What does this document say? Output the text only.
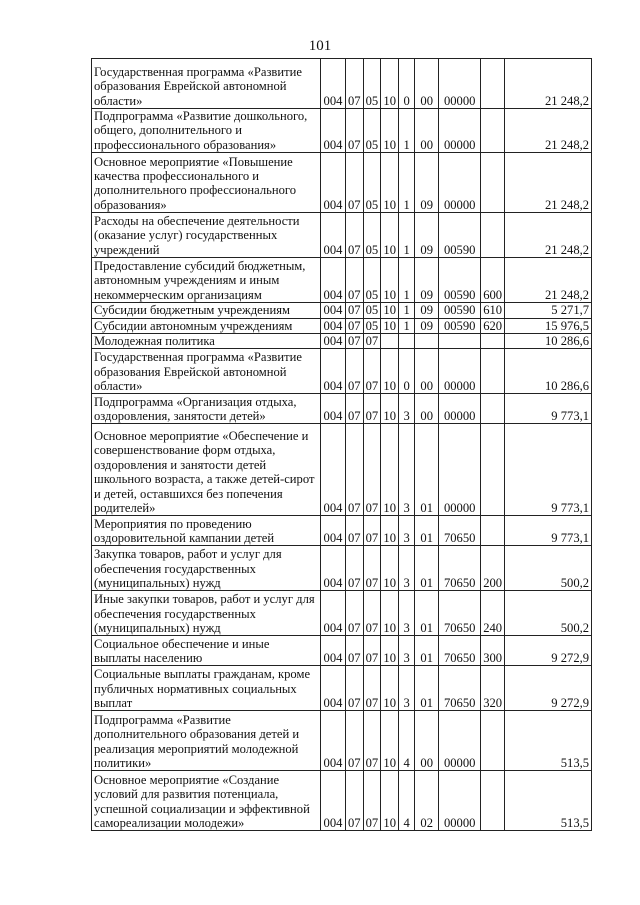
101
Государственная программа «Развитие образования Еврейской автономной области»	004	07	05	10	0	00	00000		21 248,2
Подпрограмма «Развитие дошкольного, общего, дополнительного и профессионального образования»	004	07	05	10	1	00	00000		21 248,2
Основное мероприятие «Повышение качества профессионального и дополнительного профессионального образования»	004	07	05	10	1	09	00000		21 248,2
Расходы на обеспечение деятельности (оказание услуг) государственных учреждений	004	07	05	10	1	09	00590		21 248,2
Предоставление субсидий бюджетным, автономным учреждениям и иным некоммерческим организациям	004	07	05	10	1	09	00590	600	21 248,2
Субсидии бюджетным учреждениям	004	07	05	10	1	09	00590	610	5 271,7
Субсидии автономным учреждениям	004	07	05	10	1	09	00590	620	15 976,5
Молодежная политика	004	07	07						10 286,6
Государственная программа «Развитие образования Еврейской автономной области»	004	07	07	10	0	00	00000		10 286,6
Подпрограмма «Организация отдыха, оздоровления, занятости детей»	004	07	07	10	3	00	00000		9 773,1
Основное мероприятие «Обеспечение и совершенствование форм отдыха, оздоровления и занятости детей школьного возраста, а также детей-сирот и детей, оставшихся без попечения родителей»	004	07	07	10	3	01	00000		9 773,1
Мероприятия по проведению оздоровительной кампании детей	004	07	07	10	3	01	70650		9 773,1
Закупка товаров, работ и услуг для обеспечения государственных (муниципальных) нужд	004	07	07	10	3	01	70650	200	500,2
Иные закупки товаров, работ и услуг для обеспечения государственных (муниципальных) нужд	004	07	07	10	3	01	70650	240	500,2
Социальное обеспечение и иные выплаты населению	004	07	07	10	3	01	70650	300	9 272,9
Социальные выплаты гражданам, кроме публичных нормативных социальных выплат	004	07	07	10	3	01	70650	320	9 272,9
Подпрограмма «Развитие дополнительного образования детей и реализация мероприятий молодежной политики»	004	07	07	10	4	00	00000		513,5
Основное мероприятие «Создание условий для развития потенциала, успешной социализации и эффективной самореализации молодежи»	004	07	07	10	4	02	00000		513,5
